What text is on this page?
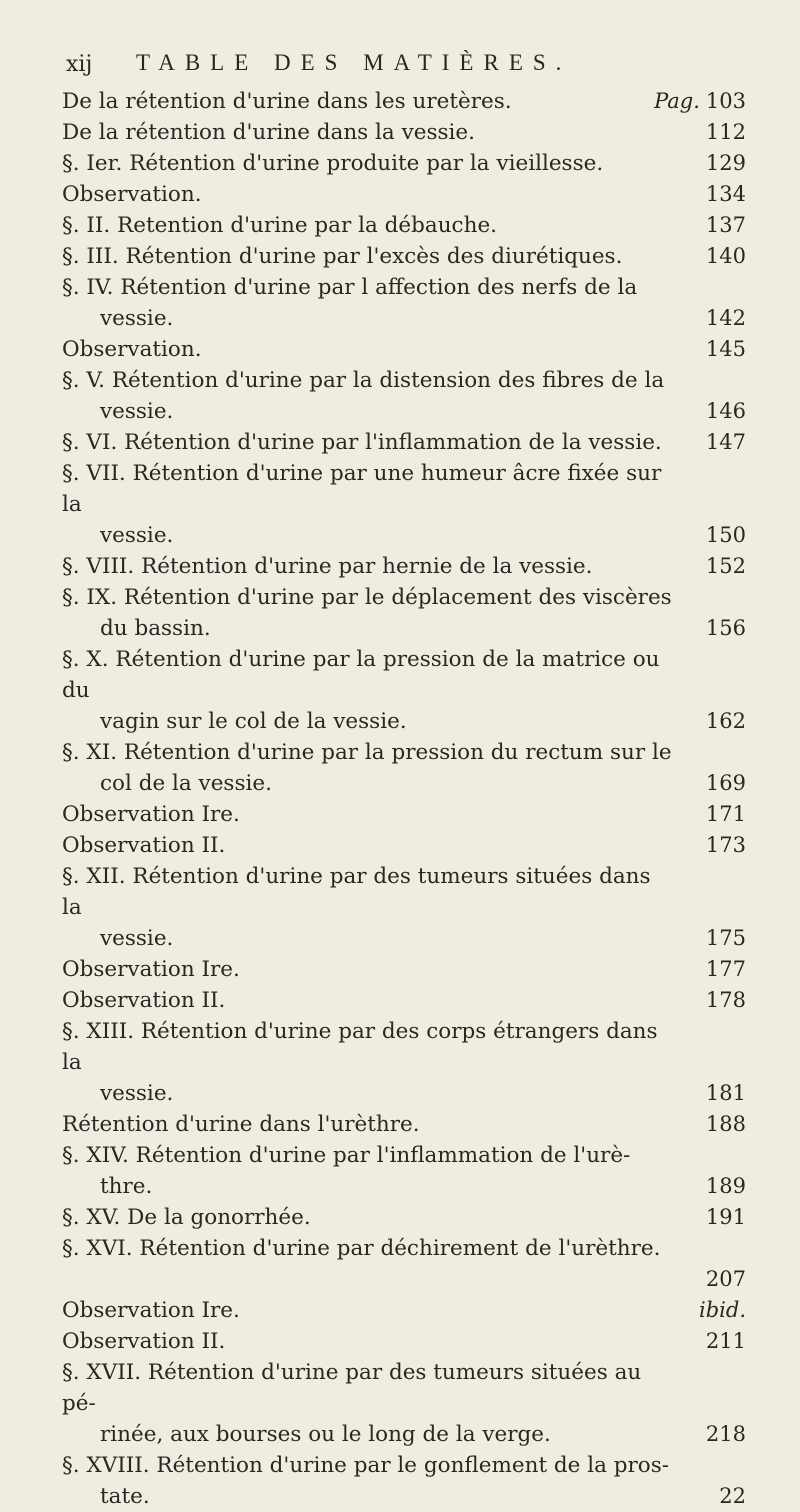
xij TABLE DES MATIÈRES.
De la rétention d'urine dans les uretères.	Pag. 103
De la rétention d'urine dans la vessie.	112
§. Ier. Rétention d'urine produite par la vieillesse.	129
Observation.	134
§. II. Retention d'urine par la débauche.	137
§. III. Rétention d'urine par l'excès des diurétiques.	140
§. IV. Rétention d'urine par l affection des nerfs de la
vessie.	142
Observation.	145
§. V. Rétention d'urine par la distension des fibres de la
vessie.	146
§. VI. Rétention d'urine par l'inflammation de la vessie.	147
§. VII. Rétention d'urine par une humeur âcre fixée sur la
vessie.	150
§. VIII. Rétention d'urine par hernie de la vessie.	152
§. IX. Rétention d'urine par le déplacement des viscères
du bassin.	156
§. X. Rétention d'urine par la pression de la matrice ou du
vagin sur le col de la vessie.	162
§. XI. Rétention d'urine par la pression du rectum sur le
col de la vessie.	169
Observation Ire.	171
Observation II.	173
§. XII. Rétention d'urine par des tumeurs situées dans la
vessie.	175
Observation Ire.	177
Observation II.	178
§. XIII. Rétention d'urine par des corps étrangers dans la
vessie.	181
Rétention d'urine dans l'urèthre.	188
§. XIV. Rétention d'urine par l'inflammation de l'urè-
thre.	189
§. XV. De la gonorrhée.	191
§. XVI. Rétention d'urine par déchirement de l'urèthre.
207
Observation Ire.	ibid.
Observation II.	211
§. XVII. Rétention d'urine par des tumeurs situées au pé-
rinée, aux bourses ou le long de la verge.	218
§. XVIII. Rétention d'urine par le gonflement de la pros-
tate.	22
